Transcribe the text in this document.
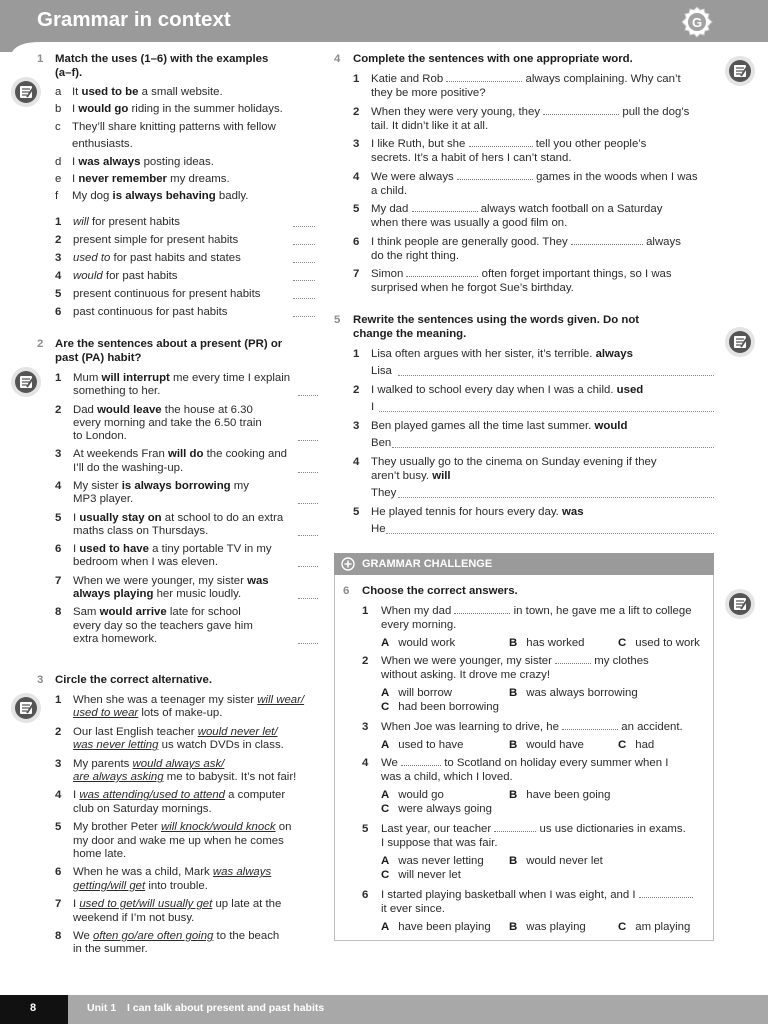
Grammar in context	G
1 Match the uses (1–6) with the examples
(a–f).
a It used to be a small website.
b I would go riding in the summer holidays.
c They’ll share knitting patterns with fellow
enthusiasts.
d I was always posting ideas.
e I never remember my dreams.
f My dog is always behaving badly.
1 will for present habits
2 present simple for present habits
3 used to for past habits and states
4 would for past habits
5 present continuous for present habits
6 past continuous for past habits
2 Are the sentences about a present (PR) or
past (PA) habit?
1 Mum will interrupt me every time I explain
something to her.
2 Dad would leave the house at 6.30
every morning and take the 6.50 train
to London.
3 At weekends Fran will do the cooking and
I’ll do the washing-up.
4 My sister is always borrowing my
MP3 player.
5 I usually stay on at school to do an extra
maths class on Thursdays.
6 I used to have a tiny portable TV in my
bedroom when I was eleven.
7 When we were younger, my sister was
always playing her music loudly.
8 Sam would arrive late for school
every day so the teachers gave him
extra homework.
3 Circle the correct alternative.
1 When she was a teenager my sister will wear/
used to wear lots of make-up.
2 Our last English teacher would never let/
was never letting us watch DVDs in class.
3 My parents would always ask/
are always asking me to babysit. It’s not fair!
4 I was attending/used to attend a computer
club on Saturday mornings.
5 My brother Peter will knock/would knock on
my door and wake me up when he comes
home late.
6 When he was a child, Mark was always
getting/will get into trouble.
7 I used to get/will usually get up late at the
weekend if I’m not busy.
8 We often go/are often going to the beach
in the summer.
4 Complete the sentences with one appropriate word.
1 Katie and Rob	always complaining. Why can’t
they be more positive?
2 When they were very young, they	pull the dog’s
tail. It didn’t like it at all.
3 I like Ruth, but she	tell you other people’s
secrets. It’s a habit of hers I can’t stand.
4 We were always	games in the woods when I was
a child.
5 My dad	always watch football on a Saturday
when there was usually a good film on.
6 I think people are generally good. They	always
do the right thing.
7 Simon	often forget important things, so I was
surprised when he forgot Sue’s birthday.
5 Rewrite the sentences using the words given. Do not
change the meaning.
1 Lisa often argues with her sister, it’s terrible. always
Lisa
2 I walked to school every day when I was a child. used
I
3 Ben played games all the time last summer. would
Ben
4 They usually go to the cinema on Sunday evening if they
aren’t busy. will
They
5 He played tennis for hours every day. was
He
GRAMMAR CHALLENGE
6 Choose the correct answers.
1 When my dad	in town, he gave me a lift to college
every morning.
A would work	B has worked	C used to work
2 When we were younger, my sister	my clothes
without asking. It drove me crazy!
A will borrow	B was always borrowing
C had been borrowing
3 When Joe was learning to drive, he	an accident.
A used to have	B would have	C had
4 We	to Scotland on holiday every summer when I
was a child, which I loved.
A would go	B have been going
C were always going
5 Last year, our teacher	us use dictionaries in exams.
I suppose that was fair.
A was never letting B would never let
C will never let
6 I started playing basketball when I was eight, and I
it ever since.
A have been playing B was playing	C am playing
8	Unit 1 I can talk about present and past habits
